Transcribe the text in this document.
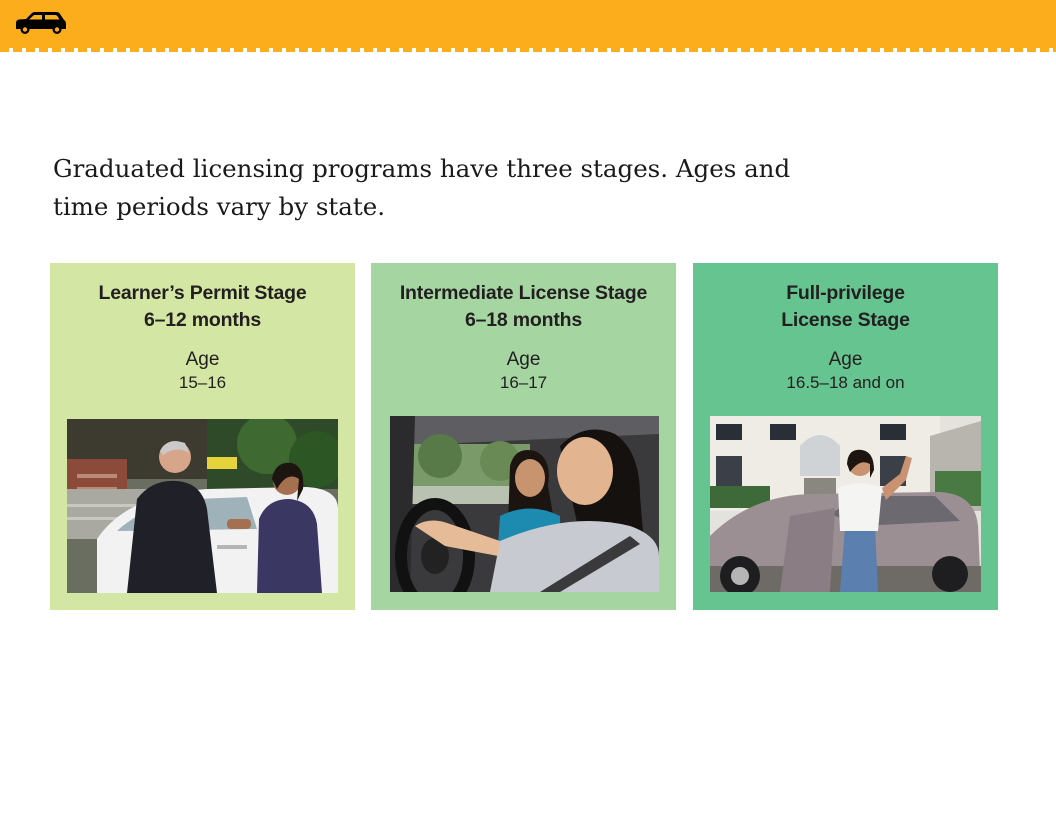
Graduated licensing programs have three stages. Ages and time periods vary by state.

Learner’s Permit Stage
6–12 months
Age
15–16
Intermediate License Stage
6–18 months
Age
16–17
Full-privilege
License Stage
Age
16.5–18 and on
